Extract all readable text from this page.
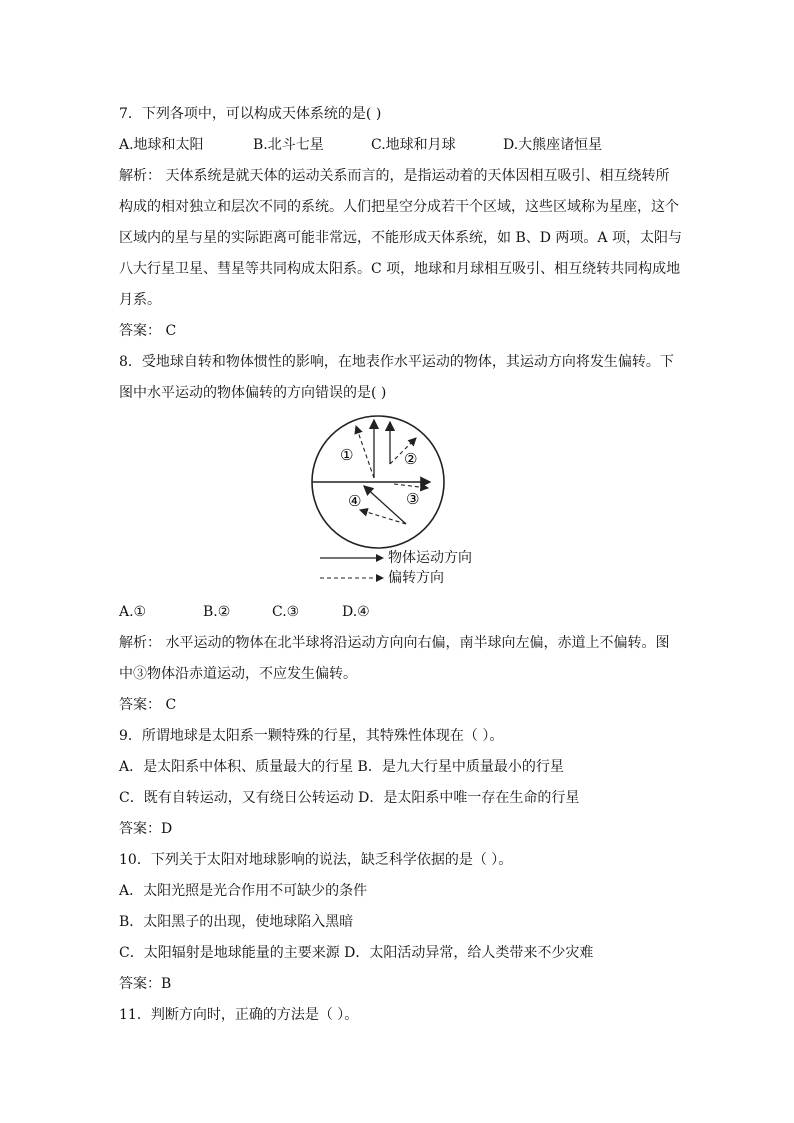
7．下列各项中，可以构成天体系统的是( )
A.地球和太阳	B.北斗七星	C.地球和月球	D.大熊座诸恒星
解析： 天体系统是就天体的运动关系而言的，是指运动着的天体因相互吸引、相互绕转所
构成的相对独立和层次不同的系统。人们把星空分成若干个区域，这些区域称为星座，这个
区域内的星与星的实际距离可能非常远，不能形成天体系统，如 B、D 两项。A 项，太阳与
八大行星卫星、彗星等共同构成太阳系。C 项，地球和月球相互吸引、相互绕转共同构成地
月系。
答案： C
8．受地球自转和物体惯性的影响，在地表作水平运动的物体，其运动方向将发生偏转。下
图中水平运动的物体偏转的方向错误的是( )
①	②
③
④
物体运动方向
偏转方向
A.①	B.②	C.③	D.④
解析： 水平运动的物体在北半球将沿运动方向向右偏，南半球向左偏，赤道上不偏转。图
中③物体沿赤道运动，不应发生偏转。
答案： C
9．所谓地球是太阳系一颗特殊的行星，其特殊性体现在（ ）。
A．是太阳系中体积、质量最大的行星 B．是九大行星中质量最小的行星
C．既有自转运动，又有绕日公转运动 D．是太阳系中唯一存在生命的行星
答案：D
10．下列关于太阳对地球影响的说法，缺乏科学依据的是（ ）。
A．太阳光照是光合作用不可缺少的条件
B．太阳黑子的出现，使地球陷入黑暗
C．太阳辐射是地球能量的主要来源 D．太阳活动异常，给人类带来不少灾难
答案：B
11．判断方向时，正确的方法是（ ）。
